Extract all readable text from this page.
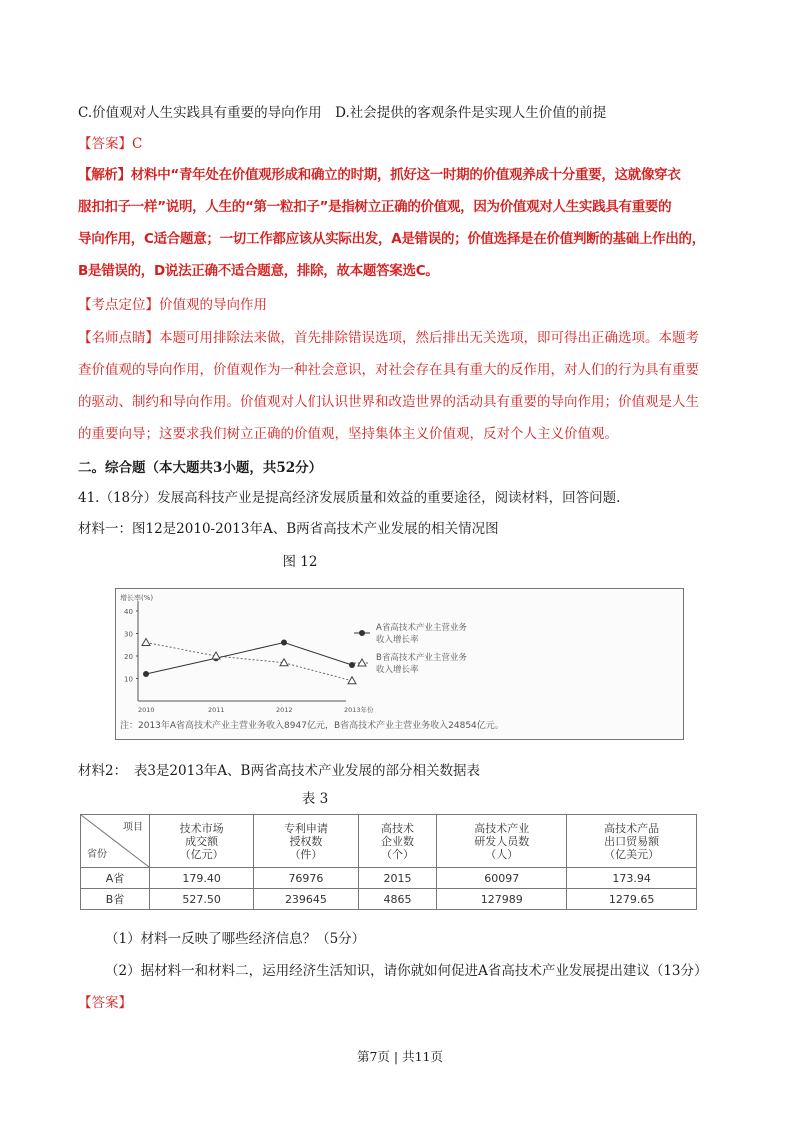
C.价值观对人生实践具有重要的导向作用　D.社会提供的客观条件是实现人生价值的前提
【答案】C
【解析】材料中“青年处在价值观形成和确立的时期，抓好这一时期的价值观养成十分重要，这就像穿衣
服扣扣子一样”说明，人生的“第一粒扣子”是指树立正确的价值观，因为价值观对人生实践具有重要的
导向作用，C适合题意；一切工作都应该从实际出发，A是错误的；价值选择是在价值判断的基础上作出的，
B是错误的，D说法正确不适合题意，排除，故本题答案选C。
【考点定位】价值观的导向作用
【名师点睛】本题可用排除法来做，首先排除错误选项，然后排出无关选项，即可得出正确选项。本题考
查价值观的导向作用，价值观作为一种社会意识，对社会存在具有重大的反作用，对人们的行为具有重要
的驱动、制约和导向作用。价值观对人们认识世界和改造世界的活动具有重要的导向作用；价值观是人生
的重要向导；这要求我们树立正确的价值观，坚持集体主义价值观，反对个人主义价值观。
二。综合题（本大题共3小题，共52分）
41.（18分）发展高科技产业是提高经济发展质量和效益的重要途径，阅读材料，回答问题.
材料一：图12是2010-2013年A、B两省高技术产业发展的相关情况图
图 12
增长率(%)
10
20
30
40
2010	2011	2012	2013年份
A省高技术产业主营业务
收入增长率
B省高技术产业主营业务
收入增长率
注：2013年A省高技术产业主营业务收入8947亿元，B省高技术产业主营业务收入24854亿元。
材料2：　表3是2013年A、B两省高技术产业发展的部分相关数据表
表 3
项目
省份	技术市场
成交额
（亿元）	专利申请
授权数
（件）	高技术
企业数
（个）	高技术产业
研发人员数
（人）	高技术产品
出口贸易额
（亿美元）
A省	179.40	76976	2015	60097	173.94
B省	527.50	239645	4865	127989	1279.65
（1）材料一反映了哪些经济信息？（5分）
（2）据材料一和材料二，运用经济生活知识，请你就如何促进A省高技术产业发展提出建议（13分）
【答案】
第7页 | 共11页
